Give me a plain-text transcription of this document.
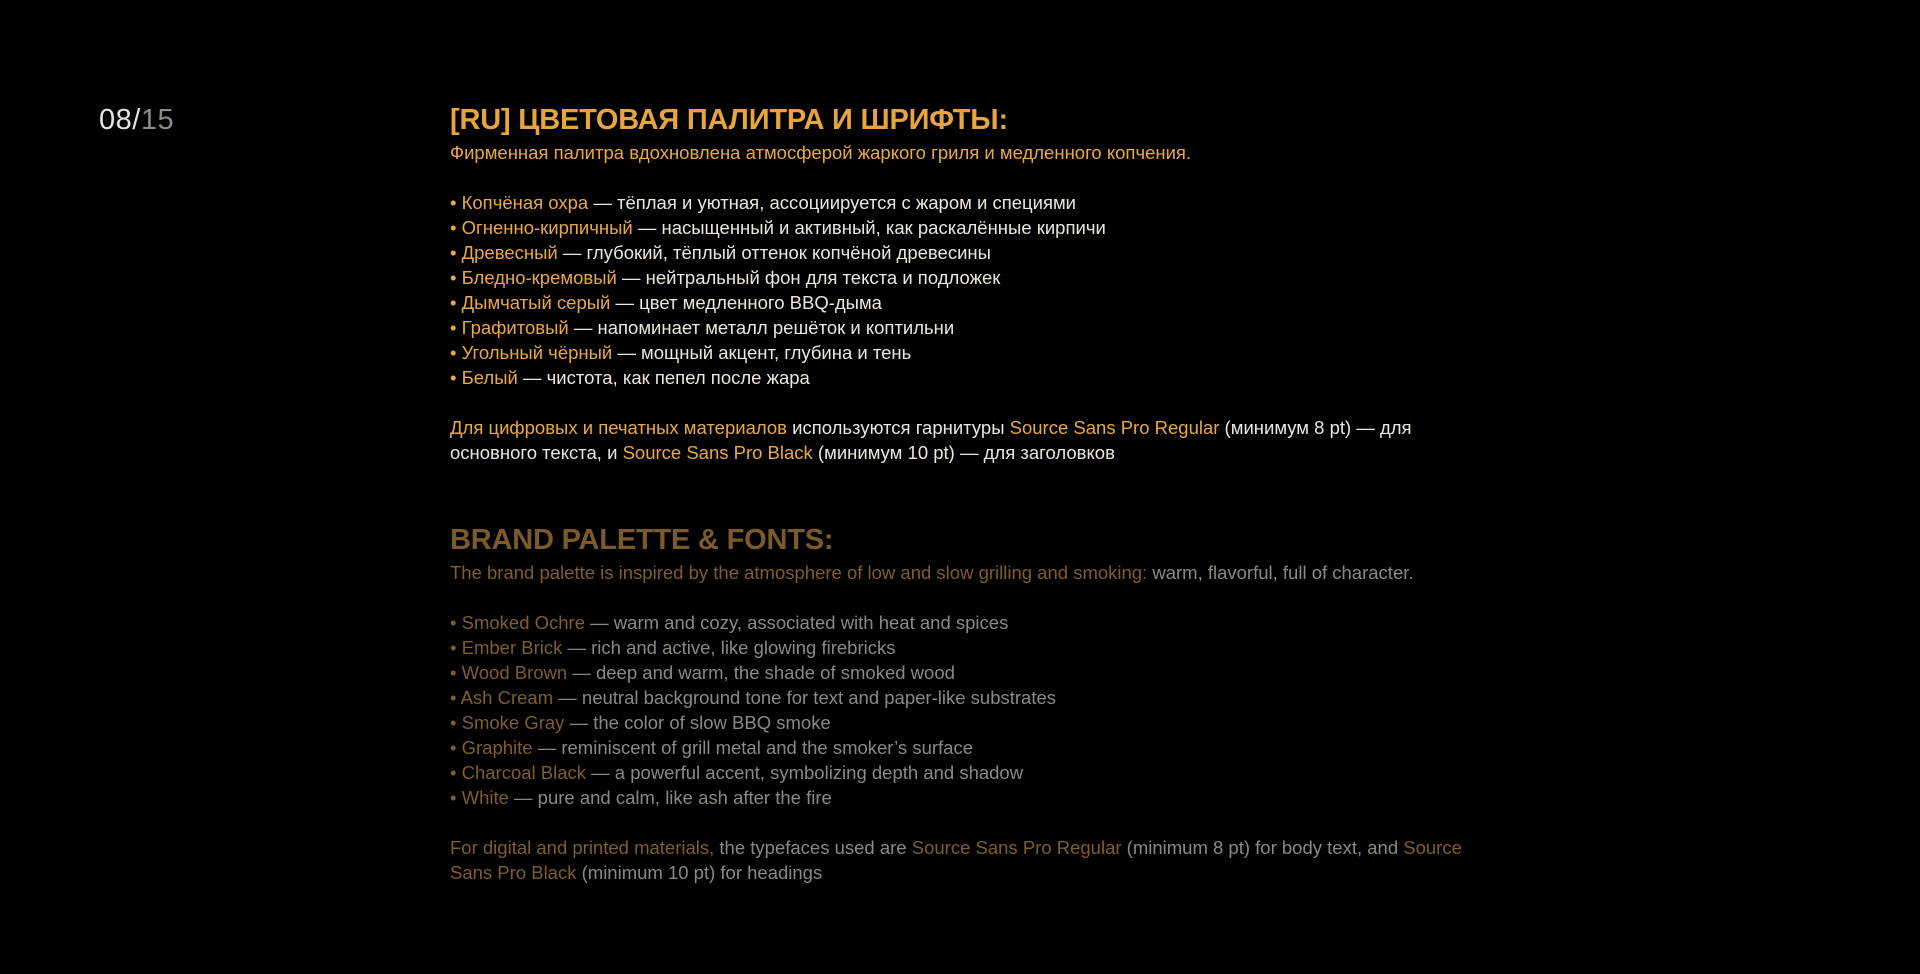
08/15	[RU] ЦВЕТОВАЯ ПАЛИТРА И ШРИФТЫ:

Фирменная палитра вдохновлена атмосферой жаркого гриля и медленного копчения.

• Копчёная охра — тёплая и уютная, ассоциируется с жаром и специями
• Огненно-кирпичный — насыщенный и активный, как раскалённые кирпичи
• Древесный — глубокий, тёплый оттенок копчёной древесины
• Бледно-кремовый — нейтральный фон для текста и подложек
• Дымчатый серый — цвет медленного BBQ-дыма
• Графитовый — напоминает металл решёток и коптильни
• Угольный чёрный — мощный акцент, глубина и тень
• Белый — чистота, как пепел после жара

Для цифровых и печатных материалов используются гарнитуры Source Sans Pro Regular (минимум 8 pt) — для основного текста, и Source Sans Pro Black (минимум 10 pt) — для заголовков

BRAND PALETTE & FONTS:

The brand palette is inspired by the atmosphere of low and slow grilling and smoking: warm, flavorful, full of character.

• Smoked Ochre — warm and cozy, associated with heat and spices
• Ember Brick — rich and active, like glowing firebricks
• Wood Brown — deep and warm, the shade of smoked wood
• Ash Cream — neutral background tone for text and paper-like substrates
• Smoke Gray — the color of slow BBQ smoke
• Graphite — reminiscent of grill metal and the smoker’s surface
• Charcoal Black — a powerful accent, symbolizing depth and shadow
• White — pure and calm, like ash after the fire

For digital and printed materials, the typefaces used are Source Sans Pro Regular (minimum 8 pt) for body text, and Source Sans Pro Black (minimum 10 pt) for headings
